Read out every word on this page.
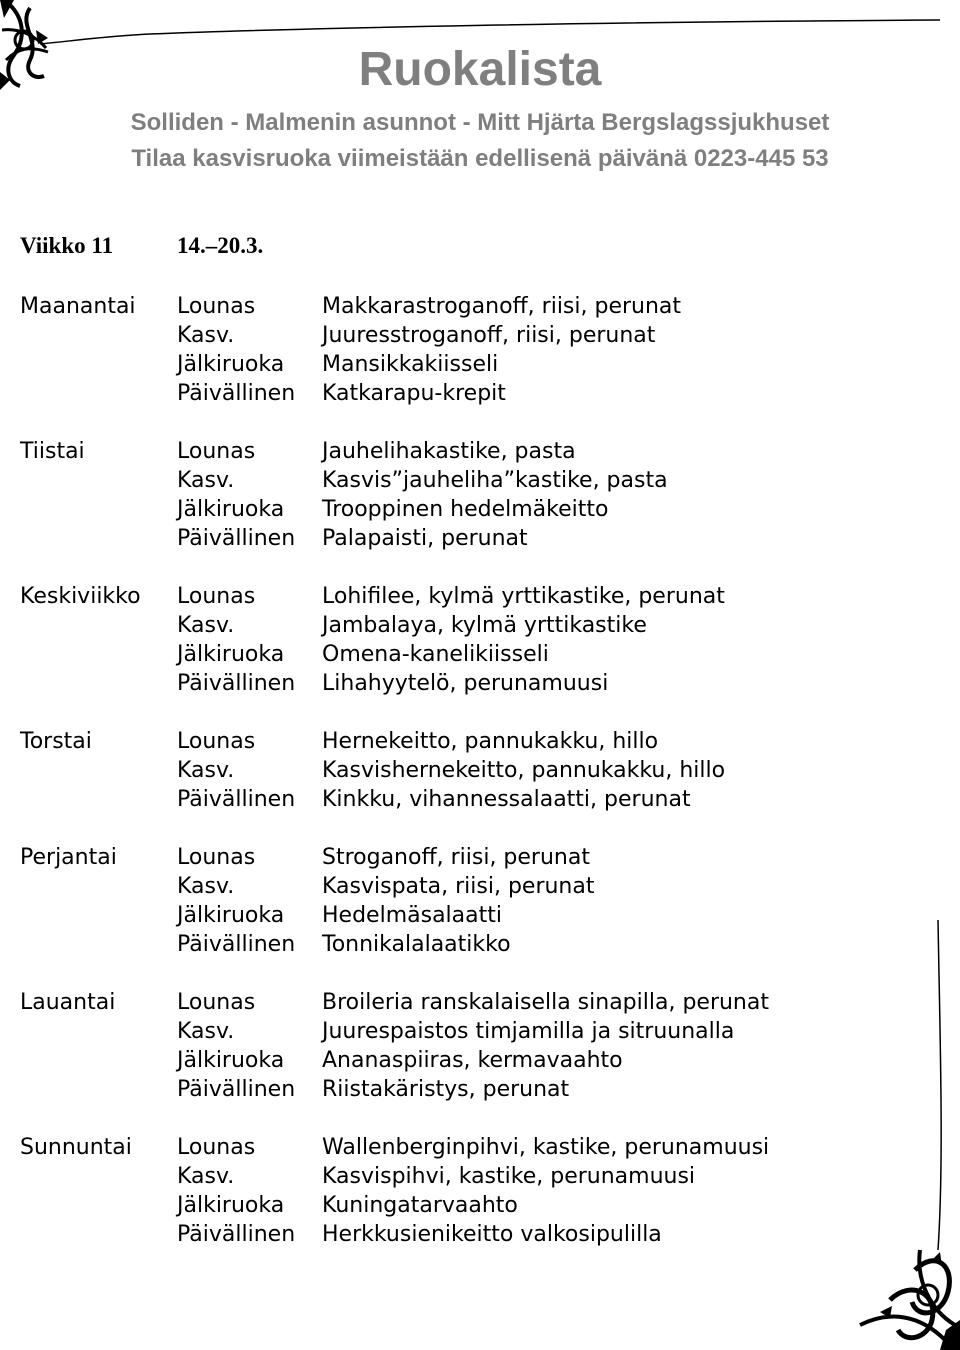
Ruokalista
Solliden - Malmenin asunnot - Mitt Hjärta Bergslagssjukhuset
Tilaa kasvisruoka viimeistään edellisenä päivänä 0223-445 53
Viikko 11	14.–20.3.
Maanantai Lounas	Makkarastroganoff, riisi, perunat
Kasv.	Juuresstroganoff, riisi, perunat
Jälkiruoka Mansikkakiisseli
Päivällinen Katkarapu-krepit
Tiistai	Lounas	Jauhelihakastike, pasta
Kasv.	Kasvis”jauheliha”kastike, pasta
Jälkiruoka Trooppinen hedelmäkeitto
Päivällinen Palapaisti, perunat
Keskiviikko Lounas	Lohifilee, kylmä yrttikastike, perunat
Kasv.	Jambalaya, kylmä yrttikastike
Jälkiruoka Omena-kanelikiisseli
Päivällinen Lihahyytelö, perunamuusi
Torstai	Lounas	Hernekeitto, pannukakku, hillo
Kasv.	Kasvishernekeitto, pannukakku, hillo
Päivällinen Kinkku, vihannessalaatti, perunat
Perjantai	Lounas	Stroganoff, riisi, perunat
Kasv.	Kasvispata, riisi, perunat
Jälkiruoka Hedelmäsalaatti
Päivällinen Tonnikalalaatikko
Lauantai	Lounas	Broileria ranskalaisella sinapilla, perunat
Kasv.	Juurespaistos timjamilla ja sitruunalla
Jälkiruoka Ananaspiiras, kermavaahto
Päivällinen Riistakäristys, perunat
Sunnuntai Lounas	Wallenberginpihvi, kastike, perunamuusi
Kasv.	Kasvispihvi, kastike, perunamuusi
Jälkiruoka Kuningatarvaahto
Päivällinen Herkkusienikeitto valkosipulilla
